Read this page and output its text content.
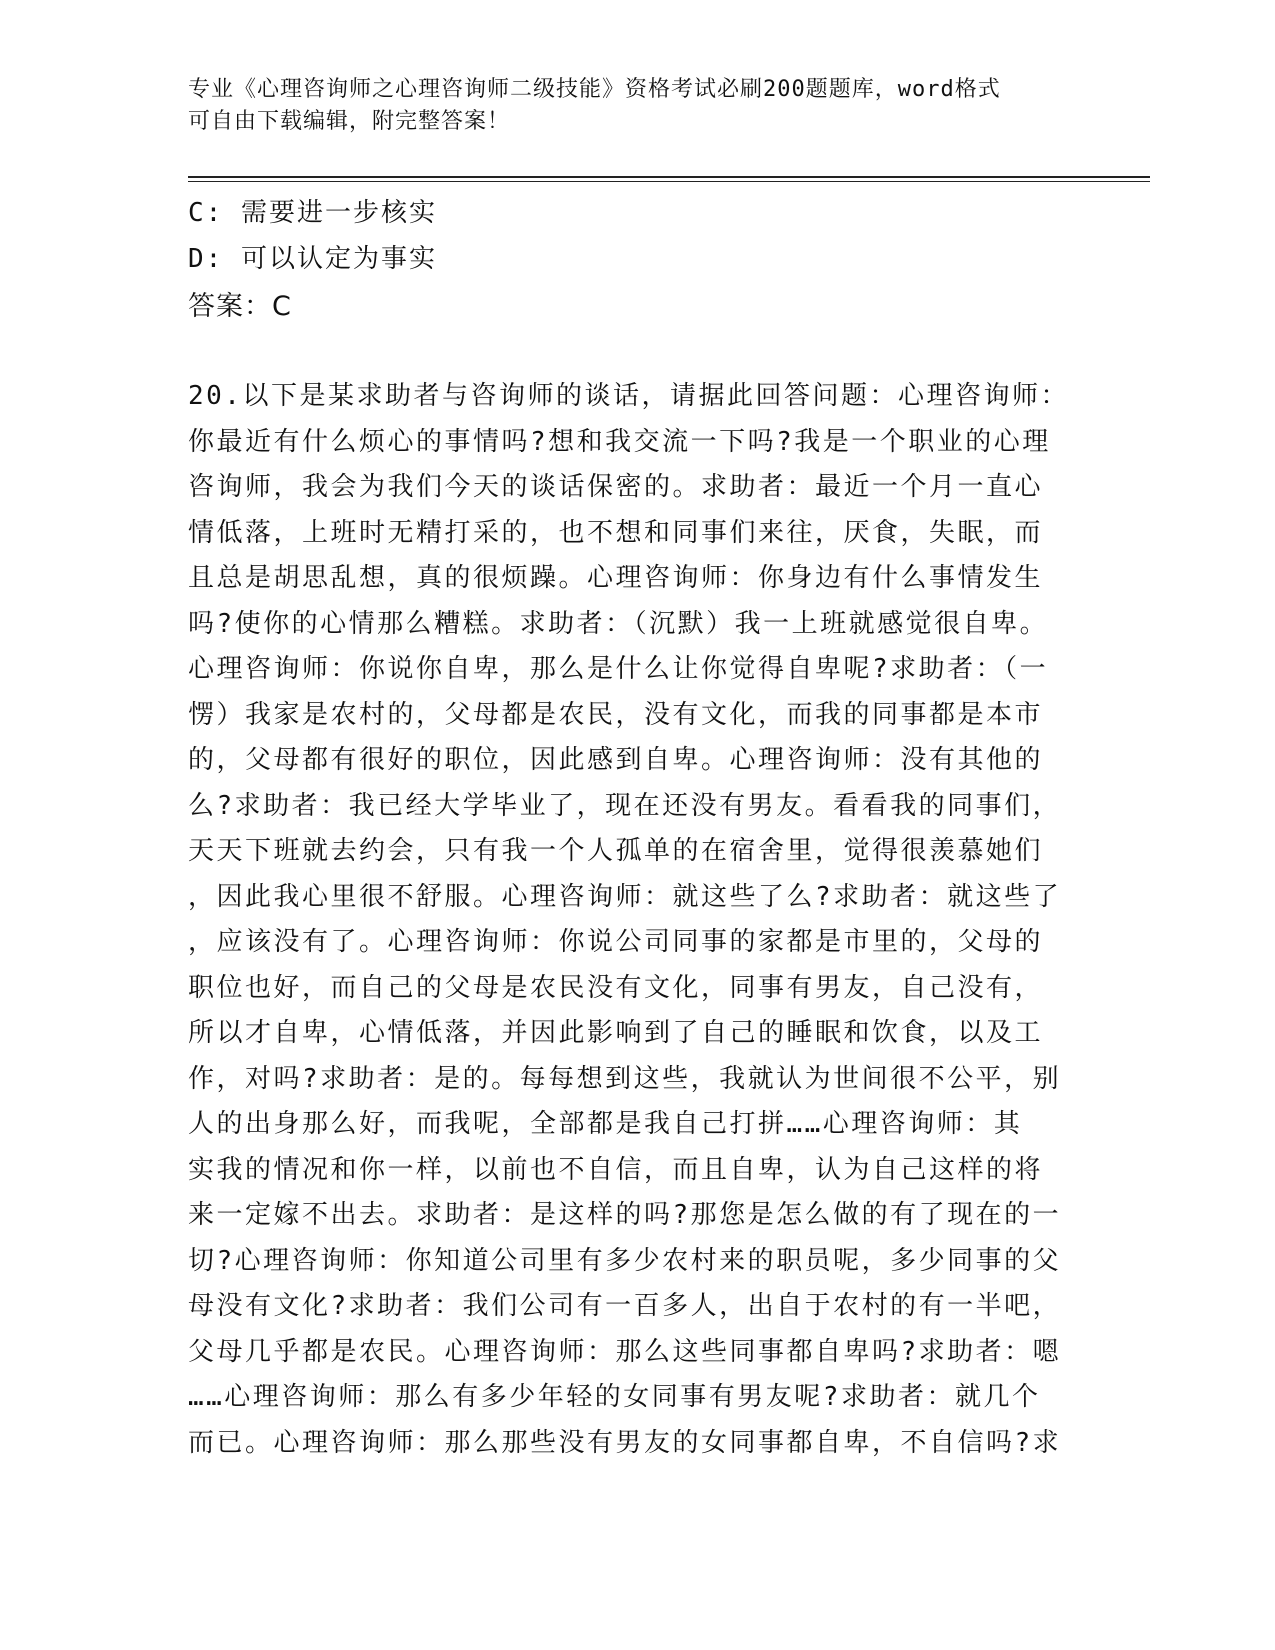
专业《心理咨询师之心理咨询师二级技能》资格考试必刷200题题库，word格式
可自由下载编辑，附完整答案！
C: 需要进一步核实
D: 可以认定为事实
答案：C
20.以下是某求助者与咨询师的谈话，请据此回答问题：心理咨询师：
你最近有什么烦心的事情吗?想和我交流一下吗?我是一个职业的心理
咨询师，我会为我们今天的谈话保密的。求助者：最近一个月一直心
情低落，上班时无精打采的，也不想和同事们来往，厌食，失眠，而
且总是胡思乱想，真的很烦躁。心理咨询师：你身边有什么事情发生
吗?使你的心情那么糟糕。求助者：（沉默）我一上班就感觉很自卑。
心理咨询师：你说你自卑，那么是什么让你觉得自卑呢?求助者：（一
愣）我家是农村的，父母都是农民，没有文化，而我的同事都是本市
的，父母都有很好的职位，因此感到自卑。心理咨询师：没有其他的
么?求助者：我已经大学毕业了，现在还没有男友。看看我的同事们，
天天下班就去约会，只有我一个人孤单的在宿舍里，觉得很羡慕她们
，因此我心里很不舒服。心理咨询师：就这些了么?求助者：就这些了
，应该没有了。心理咨询师：你说公司同事的家都是市里的，父母的
职位也好，而自己的父母是农民没有文化，同事有男友，自己没有，
所以才自卑，心情低落，并因此影响到了自己的睡眠和饮食，以及工
作，对吗?求助者：是的。每每想到这些，我就认为世间很不公平，别
人的出身那么好，而我呢，全部都是我自己打拼……心理咨询师：其
实我的情况和你一样，以前也不自信，而且自卑，认为自己这样的将
来一定嫁不出去。求助者：是这样的吗?那您是怎么做的有了现在的一
切?心理咨询师：你知道公司里有多少农村来的职员呢，多少同事的父
母没有文化?求助者：我们公司有一百多人，出自于农村的有一半吧，
父母几乎都是农民。心理咨询师：那么这些同事都自卑吗?求助者：嗯
……心理咨询师：那么有多少年轻的女同事有男友呢?求助者：就几个
而已。心理咨询师：那么那些没有男友的女同事都自卑，不自信吗?求
